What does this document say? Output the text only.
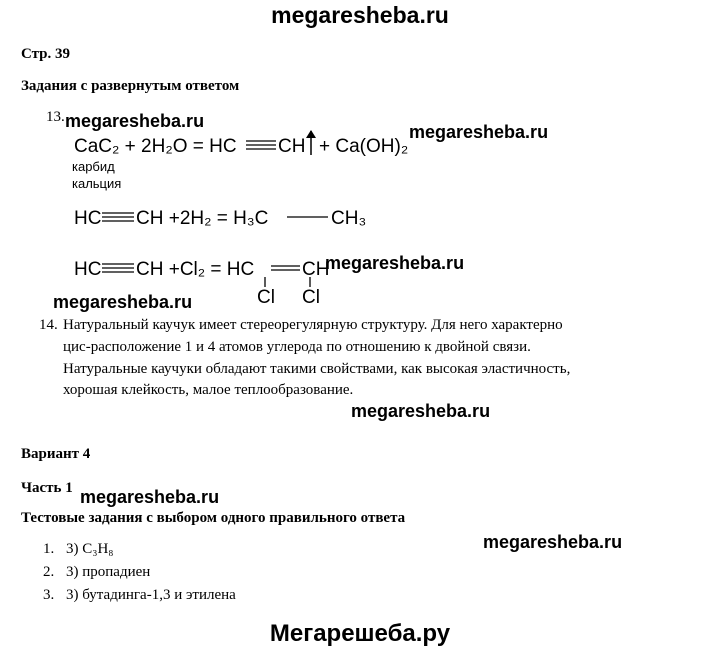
megaresheba.ru
Стр. 39
Задания с развернутым ответом
13.
CaC₂ + 2H₂O = HC CH + Ca(OH)₂
карбид
кальция
HC CH +2H₂ = H₃C	CH₃
HC CH +Cl₂ = HC	CH
Cl Cl
14. Натуральный каучук имеет стереорегулярную структуру. Для него характерно
цис-расположение 1 и 4 атомов углерода по отношению к двойной связи.
Натуральные каучуки обладают такими свойствами, как высокая эластичность,
хорошая клейкость, малое теплообразование.
Вариант 4
Часть 1
Тестовые задания с выбором одного правильного ответа
1. 3) C₃H₈
2. 3) пропадиен
3. 3) бутадинга-1,3 и этилена
megaresheba.ru
megaresheba.ru
megaresheba.ru
megaresheba.ru
megaresheba.ru
megaresheba.ru
megaresheba.ru
Мегарешеба.ру
